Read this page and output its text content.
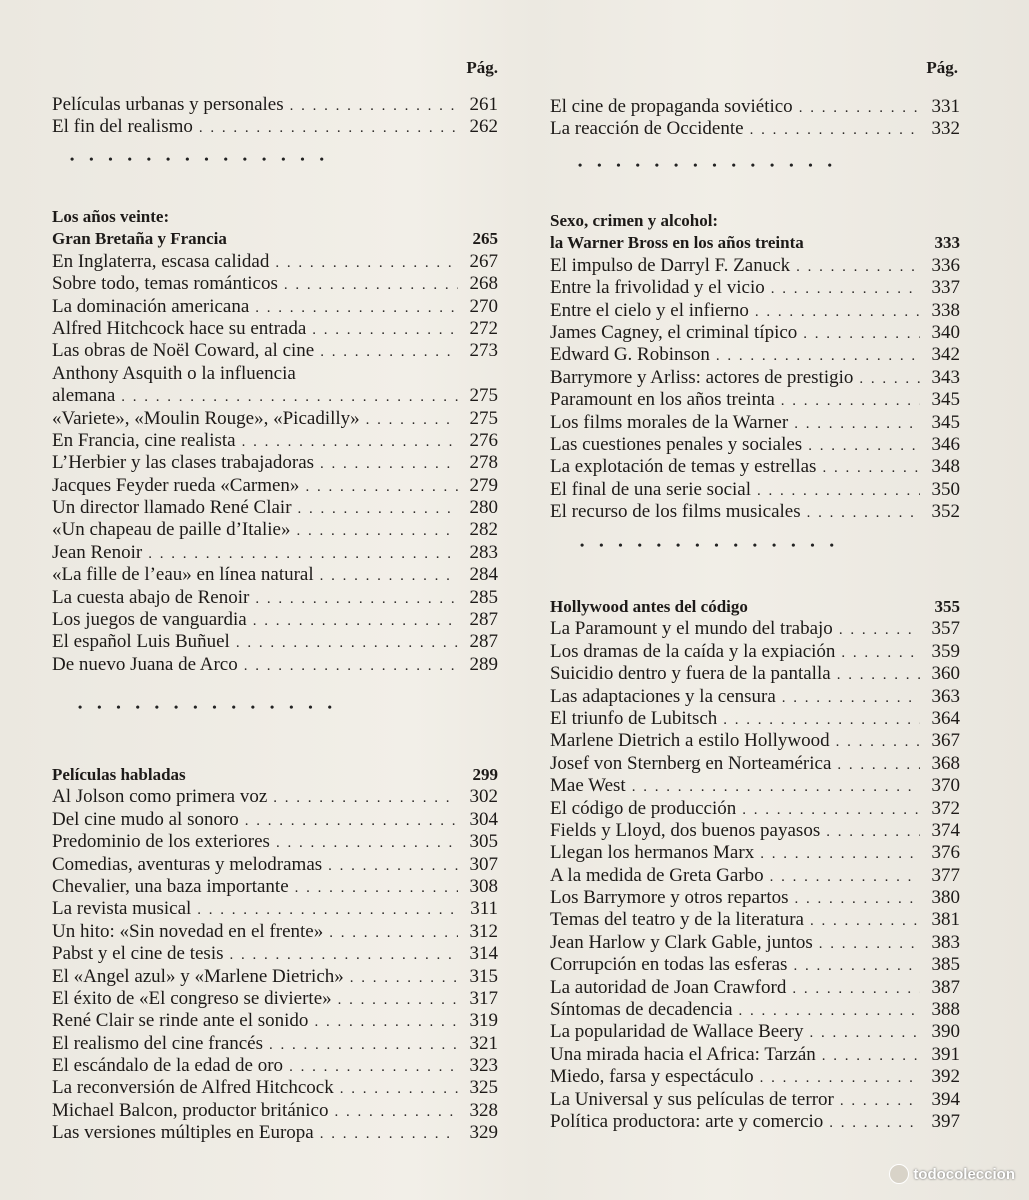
Pág.
Películas urbanas y personales . . .	261
El fin del realismo . . .	262
• • • • • • • • • • • • • •
Los años veinte:
Gran Bretaña y Francia	265
En Inglaterra, escasa calidad . . .	267
Sobre todo, temas románticos . . .	268
La dominación americana . . .	270
Alfred Hitchcock hace su entrada . . .	272
Las obras de Noël Coward, al cine . . .	273
Anthony Asquith o la influencia
alemana . . .	275
«Variete», «Moulin Rouge», «Picadilly» . . .	275
En Francia, cine realista . . .	276
L’Herbier y las clases trabajadoras . . .	278
Jacques Feyder rueda «Carmen» . . .	279
Un director llamado René Clair . . .	280
«Un chapeau de paille d’Italie» . . .	282
Jean Renoir . . .	283
«La fille de l’eau» en línea natural . . .	284
La cuesta abajo de Renoir . . .	285
Los juegos de vanguardia . . .	287
El español Luis Buñuel . . .	287
De nuevo Juana de Arco . . .	289
• • • • • • • • • • • • • •
Películas habladas	299
Al Jolson como primera voz . . .	302
Del cine mudo al sonoro . . .	304
Predominio de los exteriores . . .	305
Comedias, aventuras y melodramas . . .	307
Chevalier, una baza importante . . .	308
La revista musical . . .	311
Un hito: «Sin novedad en el frente» . . .	312
Pabst y el cine de tesis . . .	314
El «Angel azul» y «Marlene Dietrich» . . .	315
El éxito de «El congreso se divierte» . . .	317
René Clair se rinde ante el sonido . . .	319
El realismo del cine francés . . .	321
El escándalo de la edad de oro . . .	323
La reconversión de Alfred Hitchcock . . .	325
Michael Balcon, productor británico . . .	328
Las versiones múltiples en Europa . . .	329
Pág.
El cine de propaganda soviético . . .	331
La reacción de Occidente . . .	332
• • • • • • • • • • • • • •
Sexo, crimen y alcohol:
la Warner Bross en los años treinta	333
El impulso de Darryl F. Zanuck . . .	336
Entre la frivolidad y el vicio . . .	337
Entre el cielo y el infierno . . .	338
James Cagney, el criminal típico . . .	340
Edward G. Robinson . . .	342
Barrymore y Arliss: actores de prestigio . . .	343
Paramount en los años treinta . . .	345
Los films morales de la Warner . . .	345
Las cuestiones penales y sociales . . .	346
La explotación de temas y estrellas . . .	348
El final de una serie social . . .	350
El recurso de los films musicales . . .	352
• • • • • • • • • • • • • •
Hollywood antes del código	355
La Paramount y el mundo del trabajo . . .	357
Los dramas de la caída y la expiación . . .	359
Suicidio dentro y fuera de la pantalla . . .	360
Las adaptaciones y la censura . . .	363
El triunfo de Lubitsch . . .	364
Marlene Dietrich a estilo Hollywood . . .	367
Josef von Sternberg en Norteamérica . . .	368
Mae West . . .	370
El código de producción . . .	372
Fields y Lloyd, dos buenos payasos . . .	374
Llegan los hermanos Marx . . .	376
A la medida de Greta Garbo . . .	377
Los Barrymore y otros repartos . . .	380
Temas del teatro y de la literatura . . .	381
Jean Harlow y Clark Gable, juntos . . .	383
Corrupción en todas las esferas . . .	385
La autoridad de Joan Crawford . . .	387
Síntomas de decadencia . . .	388
La popularidad de Wallace Beery . . .	390
Una mirada hacia el Africa: Tarzán . . .	391
Miedo, farsa y espectáculo . . .	392
La Universal y sus películas de terror . . .	394
Política productora: arte y comercio . . .	397
todocoleccion
